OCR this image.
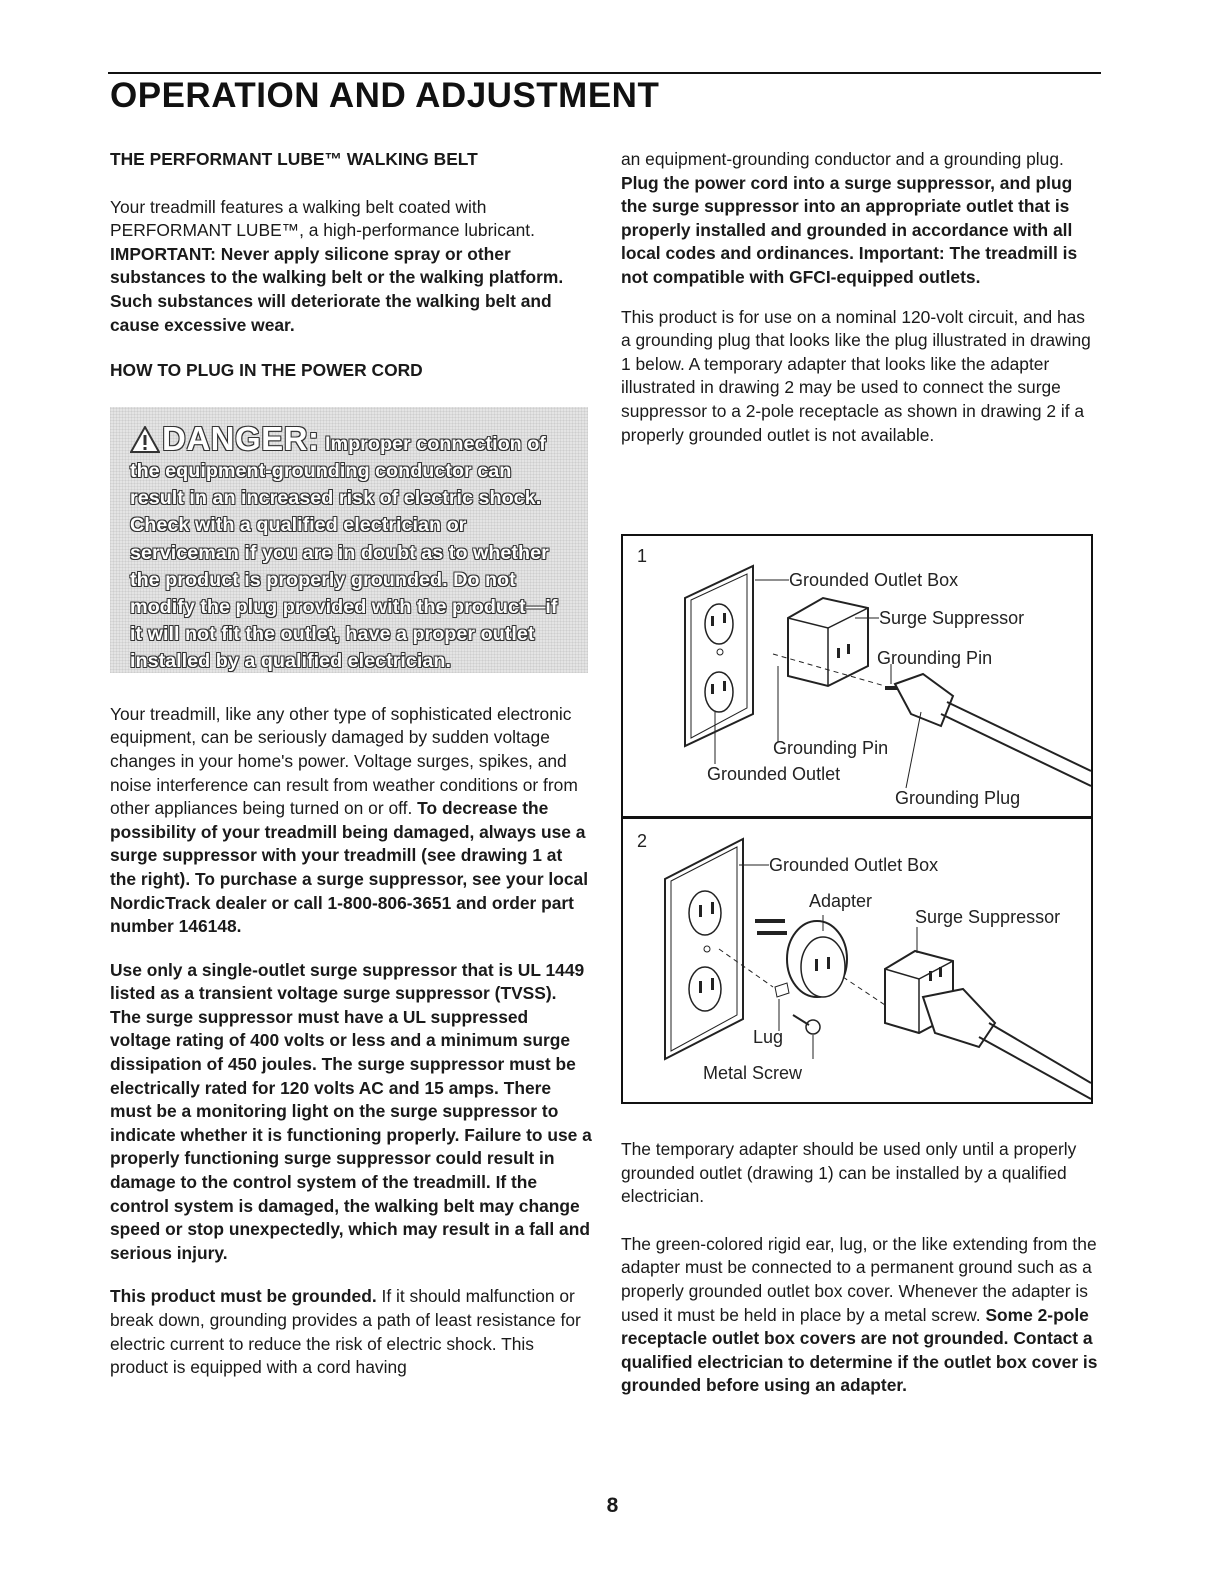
OPERATION AND ADJUSTMENT
THE PERFORMANT LUBE™ WALKING BELT

Your treadmill features a walking belt coated with PERFORMANT LUBE™, a high-performance lubricant. IMPORTANT: Never apply silicone spray or other substances to the walking belt or the walking platform. Such substances will deteriorate the walking belt and cause excessive wear.

HOW TO PLUG IN THE POWER CORD
DANGER: Improper connection of the equipment-grounding conductor can result in an increased risk of electric shock. Check with a qualified electrician or serviceman if you are in doubt as to whether the product is properly grounded. Do not modify the plug provided with the product—if it will not fit the outlet, have a proper outlet installed by a qualified electrician.

Your treadmill, like any other type of sophisticated electronic equipment, can be seriously damaged by sudden voltage changes in your home's power. Voltage surges, spikes, and noise interference can result from weather conditions or from other appliances being turned on or off. To decrease the possibility of your treadmill being damaged, always use a surge suppressor with your treadmill (see drawing 1 at the right). To purchase a surge suppressor, see your local NordicTrack dealer or call 1-800-806-3651 and order part number 146148.

Use only a single-outlet surge suppressor that is UL 1449 listed as a transient voltage surge suppressor (TVSS). The surge suppressor must have a UL suppressed voltage rating of 400 volts or less and a minimum surge dissipation of 450 joules. The surge suppressor must be electrically rated for 120 volts AC and 15 amps. There must be a monitoring light on the surge suppressor to indicate whether it is functioning properly. Failure to use a properly functioning surge suppressor could result in damage to the control system of the treadmill. If the control system is damaged, the walking belt may change speed or stop unexpectedly, which may result in a fall and serious injury.

This product must be grounded. If it should malfunction or break down, grounding provides a path of least resistance for electric current to reduce the risk of electric shock. This product is equipped with a cord having

an equipment-grounding conductor and a grounding plug. Plug the power cord into a surge suppressor, and plug the surge suppressor into an appropriate outlet that is properly installed and grounded in accordance with all local codes and ordinances. Important: The treadmill is not compatible with GFCI-equipped outlets.

This product is for use on a nominal 120-volt circuit, and has a grounding plug that looks like the plug illustrated in drawing 1 below. A temporary adapter that looks like the adapter illustrated in drawing 2 may be used to connect the surge suppressor to a 2-pole receptacle as shown in drawing 2 if a properly grounded outlet is not available.

1
Grounded Outlet Box
Surge Suppressor
Grounding Pin
Grounding Pin
Grounded Outlet
Grounding Plug
2
Grounded Outlet Box
Adapter
Surge Suppressor
Lug
Metal Screw

The temporary adapter should be used only until a properly grounded outlet (drawing 1) can be installed by a qualified electrician.

The green-colored rigid ear, lug, or the like extending from the adapter must be connected to a permanent ground such as a properly grounded outlet box cover. Whenever the adapter is used it must be held in place by a metal screw. Some 2-pole receptacle outlet box covers are not grounded. Contact a qualified electrician to determine if the outlet box cover is grounded before using an adapter.

8
